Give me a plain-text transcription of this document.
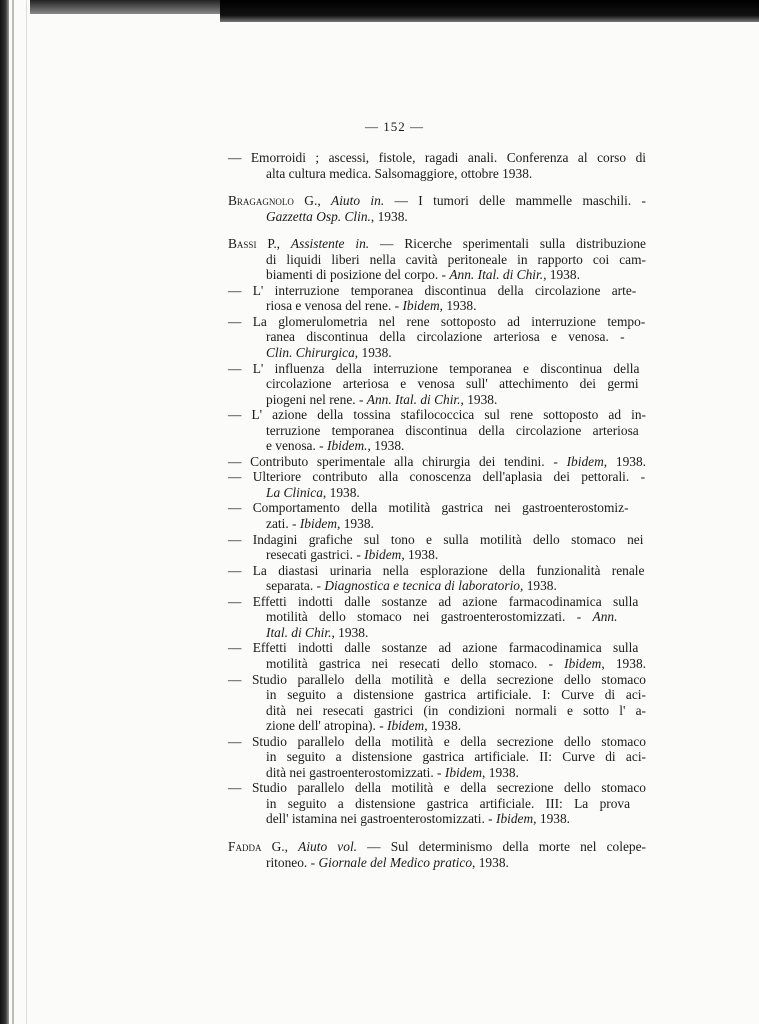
— 152 —
— Emorroidi ; ascessi, fistole, ragadi anali. Conferenza al corso di
alta cultura medica. Salsomaggiore, ottobre 1938.
Bragagnolo G., Aiuto in. — I tumori delle mammelle maschili. -
Gazzetta Osp. Clin., 1938.
Bassi P., Assistente in. — Ricerche sperimentali sulla distribuzione
di liquidi liberi nella cavità peritoneale in rapporto coi cam-
biamenti di posizione del corpo. - Ann. Ital. di Chir., 1938.
— L' interruzione temporanea discontinua della circolazione arte-
riosa e venosa del rene. - Ibidem, 1938.
— La glomerulometria nel rene sottoposto ad interruzione tempo-
ranea discontinua della circolazione arteriosa e venosa. -
Clin. Chirurgica, 1938.
— L' influenza della interruzione temporanea e discontinua della
circolazione arteriosa e venosa sull' attechimento dei germi
piogeni nel rene. - Ann. Ital. di Chir., 1938.
— L' azione della tossina stafilococcica sul rene sottoposto ad in-
terruzione temporanea discontinua della circolazione arteriosa
e venosa. - Ibidem., 1938.
— Contributo sperimentale alla chirurgia dei tendini. - Ibidem, 1938.
— Ulteriore contributo alla conoscenza dell'aplasia dei pettorali. -
La Clinica, 1938.
— Comportamento della motilità gastrica nei gastroenterostomiz-
zati. - Ibidem, 1938.
— Indagini grafiche sul tono e sulla motilità dello stomaco nei
resecati gastrici. - Ibidem, 1938.
— La diastasi urinaria nella esplorazione della funzionalità renale
separata. - Diagnostica e tecnica di laboratorio, 1938.
— Effetti indotti dalle sostanze ad azione farmacodinamica sulla
motilità dello stomaco nei gastroenterostomizzati. - Ann.
Ital. di Chir., 1938.
— Effetti indotti dalle sostanze ad azione farmacodinamica sulla
motilità gastrica nei resecati dello stomaco. - Ibidem, 1938.
— Studio parallelo della motilità e della secrezione dello stomaco
in seguito a distensione gastrica artificiale. I: Curve di aci-
dità nei resecati gastrici (in condizioni normali e sotto l' a-
zione dell' atropina). - Ibidem, 1938.
— Studio parallelo della motilità e della secrezione dello stomaco
in seguito a distensione gastrica artificiale. II: Curve di aci-
dità nei gastroenterostomizzati. - Ibidem, 1938.
— Studio parallelo della motilità e della secrezione dello stomaco
in seguito a distensione gastrica artificiale. III: La prova
dell' istamina nei gastroenterostomizzati. - Ibidem, 1938.
Fadda G., Aiuto vol. — Sul determinismo della morte nel colepe-
ritoneo. - Giornale del Medico pratico, 1938.
